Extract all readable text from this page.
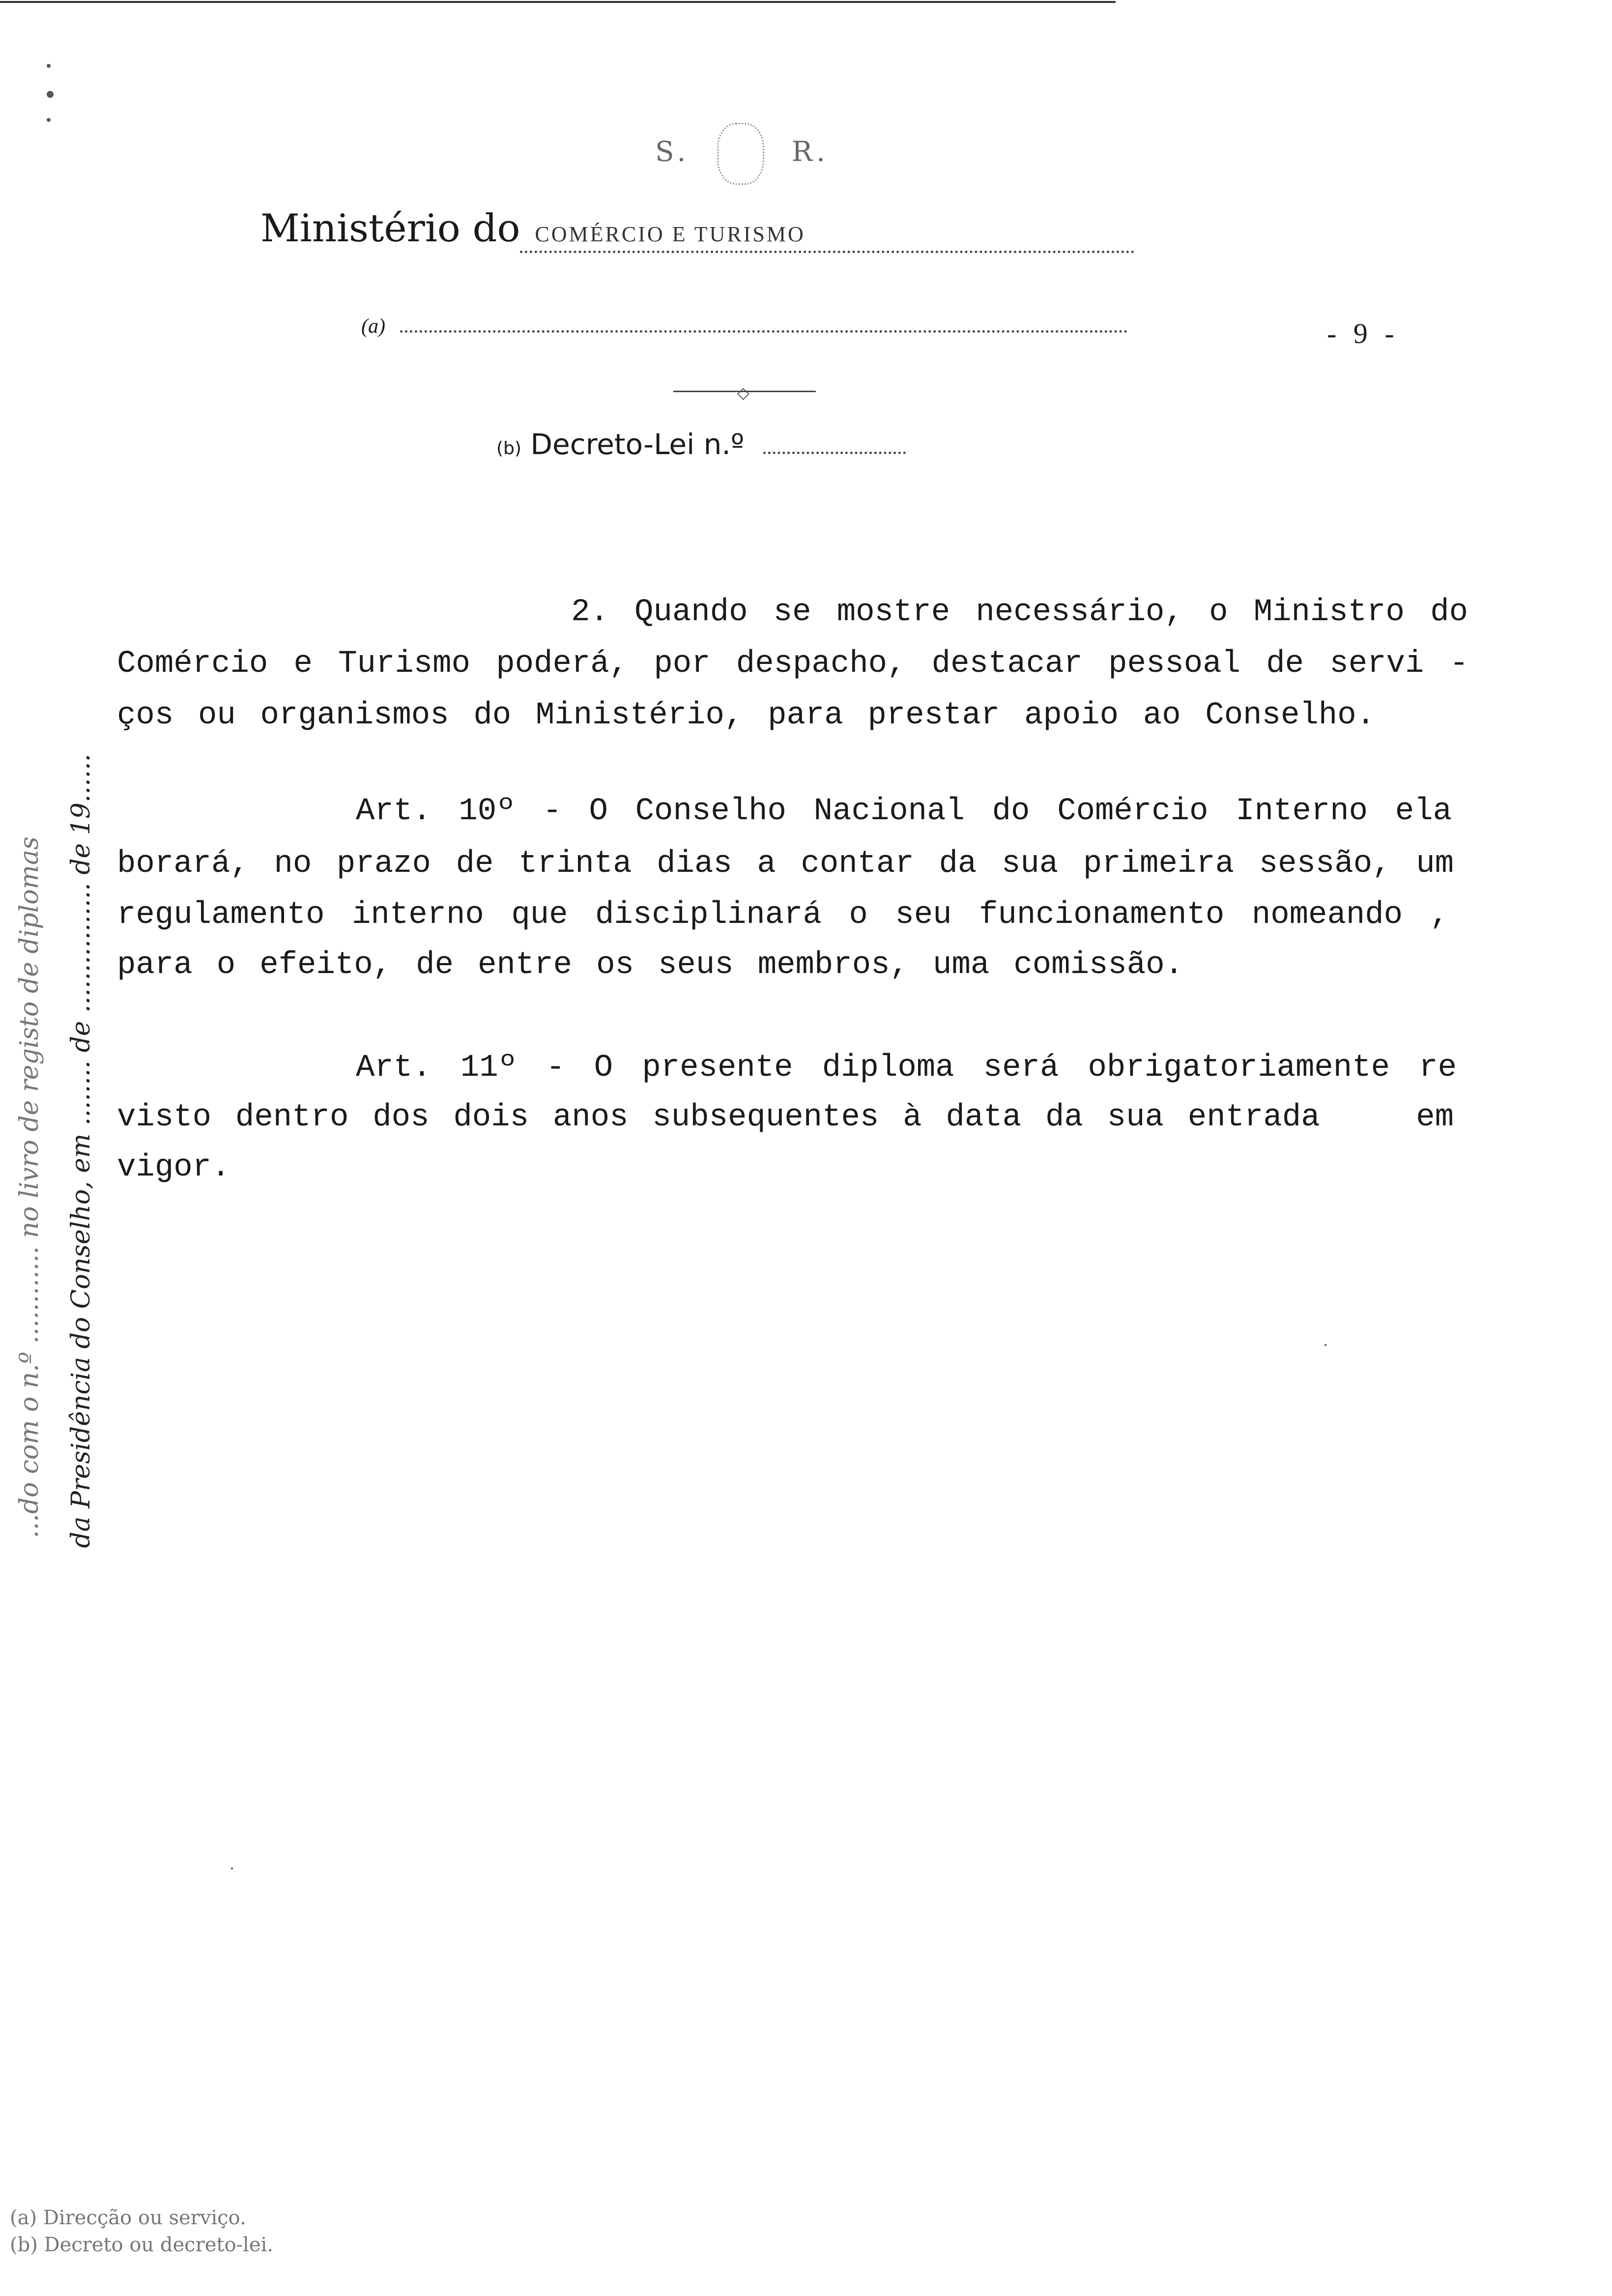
S.	R.
Ministério do COMÉRCIO E TURISMO
(a)	- 9 -
◇
(b) Decreto-Lei n.º
2. Quando se mostre necessário, o Ministro do
Comércio e Turismo poderá, por despacho, destacar pessoal de servi -
ços ou organismos do Ministério, para prestar apoio ao Conselho.
Art. 10º - O Conselho Nacional do Comércio Interno ela
borará, no prazo de trinta dias a contar da sua primeira sessão, um
regulamento interno que disciplinará o seu funcionamento nomeando ,
para o efeito, de entre os seus membros, uma comissão.
Art. 11º - O presente diploma será obrigatoriamente re
visto dentro dos dois anos subsequentes à data da sua entrada    em
vigor.
...do com o n.º ............ no livro de registo de diplomas da Presidência do Conselho, em ........ de ................ de 19......
(a) Direcção ou serviço.
(b) Decreto ou decreto-lei.
